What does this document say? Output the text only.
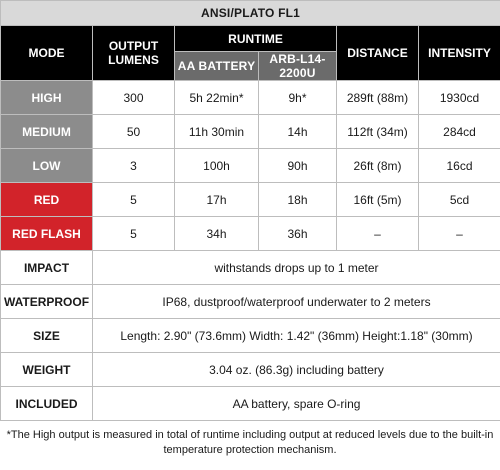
ANSI/PLATO FL1					
MODE	OUTPUT LUMENS	RUNTIME		DISTANCE	INTENSITY
		AA BATTERY	ARB-L14-2200U		
HIGH	300	5h 22min*	9h*	289ft (88m)	1930cd
MEDIUM	50	11h 30min	14h	112ft (34m)	284cd
LOW	3	100h	90h	26ft (8m)	16cd
RED	5	17h	18h	16ft (5m)	5cd
RED FLASH	5	34h	36h	–	–
IMPACT	withstands drops up to 1 meter				
WATERPROOF	IP68, dustproof/waterproof underwater to 2 meters				
SIZE	Length: 2.90" (73.6mm) Width: 1.42" (36mm) Height:1.18" (30mm)				
WEIGHT	3.04 oz. (86.3g) including battery				
INCLUDED	AA battery, spare O-ring				
*The High output is measured in total of runtime including output at reduced levels due to the built-in temperature protection mechanism.
